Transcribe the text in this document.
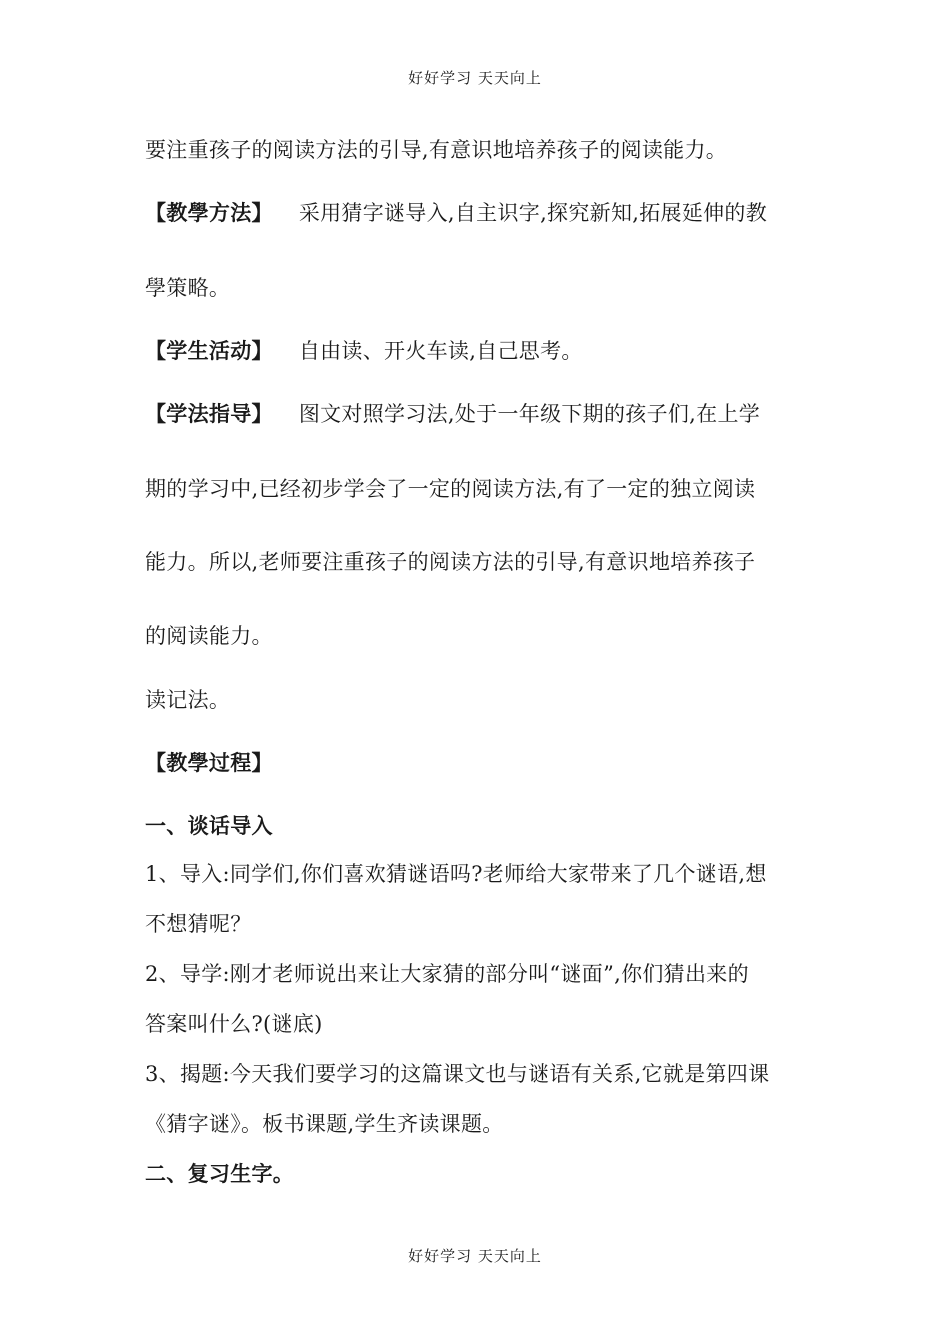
好好学习 天天向上
要注重孩子的阅读方法的引导,有意识地培养孩子的阅读能力。
【教學方法】 采用猜字谜导入,自主识字,探究新知,拓展延伸的教
學策略。
【学生活动】 自由读、开火车读,自己思考。
【学法指导】 图文对照学习法,处于一年级下期的孩子们,在上学
期的学习中,已经初步学会了一定的阅读方法,有了一定的独立阅读
能力。所以,老师要注重孩子的阅读方法的引导,有意识地培养孩子
的阅读能力。
读记法。
【教學过程】
一、谈话导入
1、导入:同学们,你们喜欢猜谜语吗?老师给大家带来了几个谜语,想
不想猜呢？
2、导学:刚才老师说出来让大家猜的部分叫“谜面”,你们猜出来的
答案叫什么?(谜底)
3、揭题:今天我们要学习的这篇课文也与谜语有关系,它就是第四课
《猜字谜》。板书课题,学生齐读课题。
二、复习生字。
好好学习 天天向上
